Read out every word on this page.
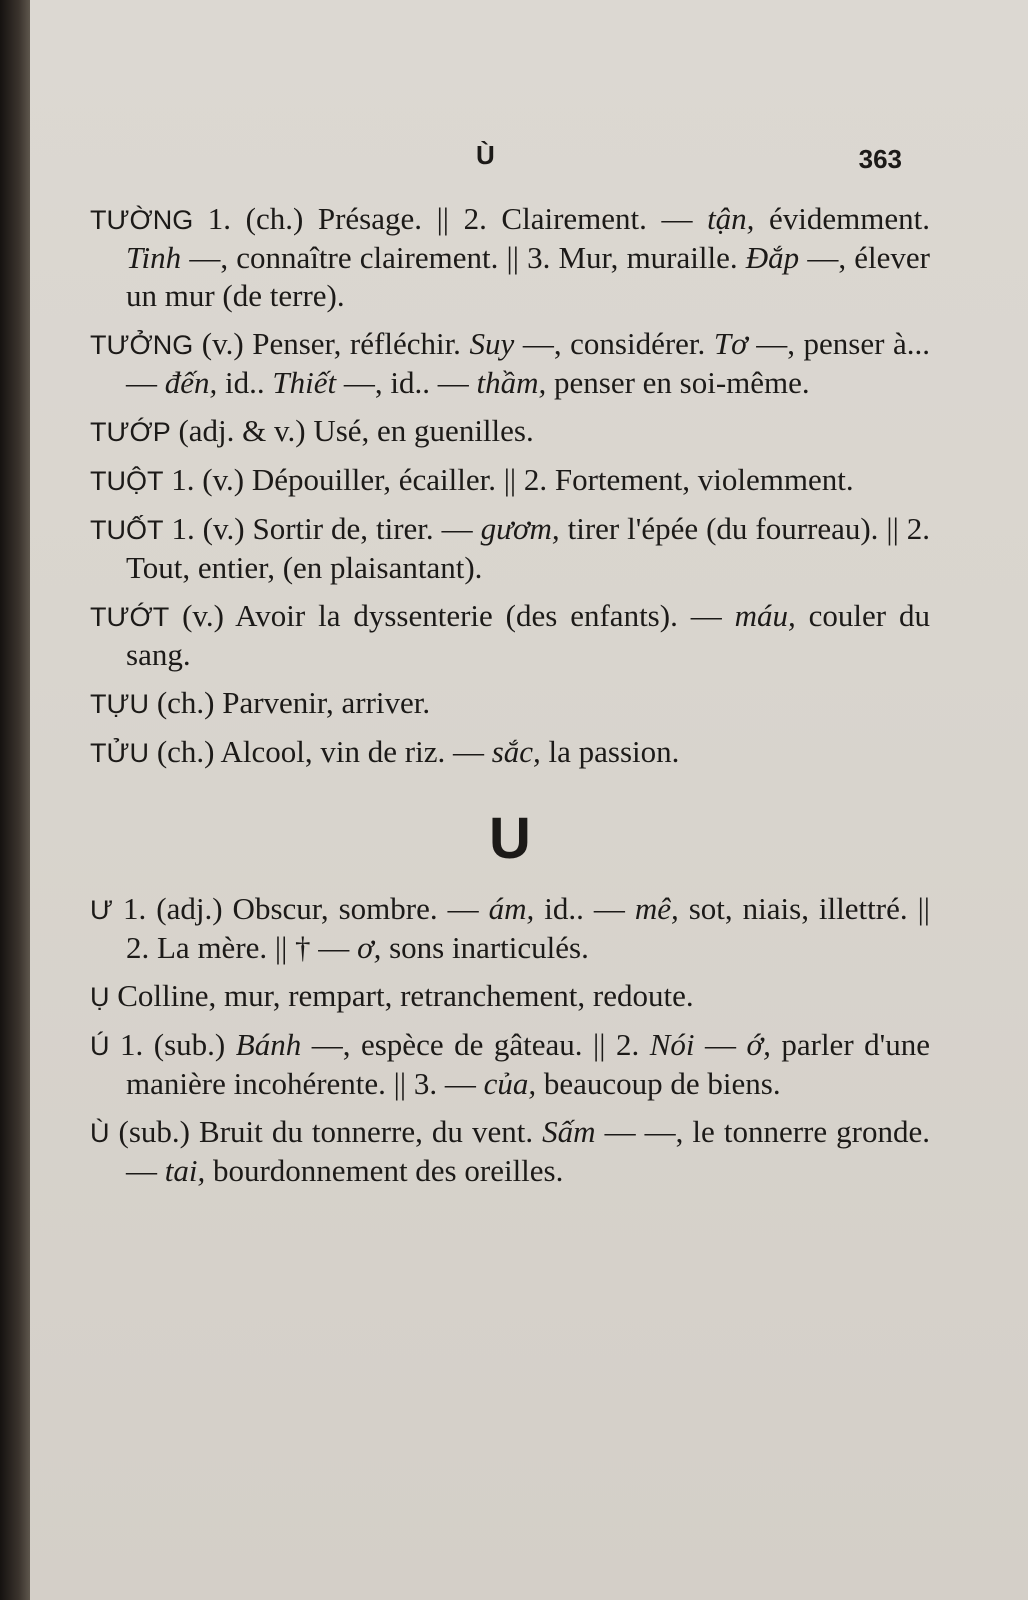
Ù	363

TƯỜNG 1. (ch.) Présage. || 2. Clairement. — tận, évidemment. Tinh —, connaître clairement. || 3. Mur, muraille. Đắp —, élever un mur (de terre).

TƯỞNG (v.) Penser, réfléchir. Suy —, considérer. Tơ —, penser à... — đến, id.. Thiết —, id.. — thầm, penser en soi-même.

TƯỚP (adj. & v.) Usé, en guenilles.

TUỘT 1. (v.) Dépouiller, écailler. || 2. Fortement, violemment.

TUỐT 1. (v.) Sortir de, tirer. — gươm, tirer l'épée (du fourreau). || 2. Tout, entier, (en plaisantant).

TƯỚT (v.) Avoir la dyssenterie (des enfants). — máu, couler du sang.

TỰU (ch.) Parvenir, arriver.

TỬU (ch.) Alcool, vin de riz. — sắc, la passion.

U

Ư 1. (adj.) Obscur, sombre. — ám, id.. — mê, sot, niais, illettré. || 2. La mère. || † — ơ, sons inarticulés.

Ụ Colline, mur, rempart, retranchement, redoute.

Ú 1. (sub.) Bánh —, espèce de gâteau. || 2. Nói — ớ, parler d'une manière incohérente. || 3. — của, beaucoup de biens.

Ù (sub.) Bruit du tonnerre, du vent. Sấm — —, le tonnerre gronde. — tai, bourdonnement des oreilles.
